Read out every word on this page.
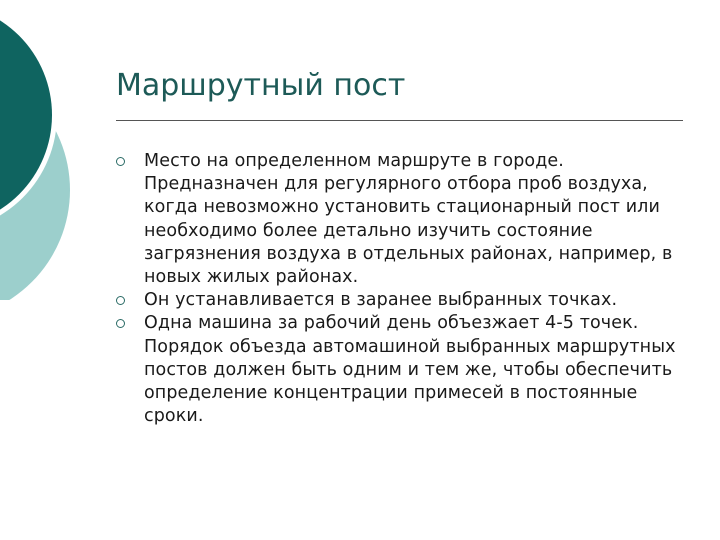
Маршрутный пост
Место на определенном маршруте в городе. Предназначен для регулярного отбора проб воздуха, когда невозможно установить стационарный пост или необходимо более детально изучить состояние загрязнения воздуха в отдельных районах, например, в новых жилых районах.
Он устанавливается в заранее выбранных точках.
Одна машина за рабочий день объезжает 4-5 точек. Порядок объезда автомашиной выбранных маршрутных постов должен быть одним и тем же, чтобы обеспечить определение концентрации примесей в постоянные сроки.
